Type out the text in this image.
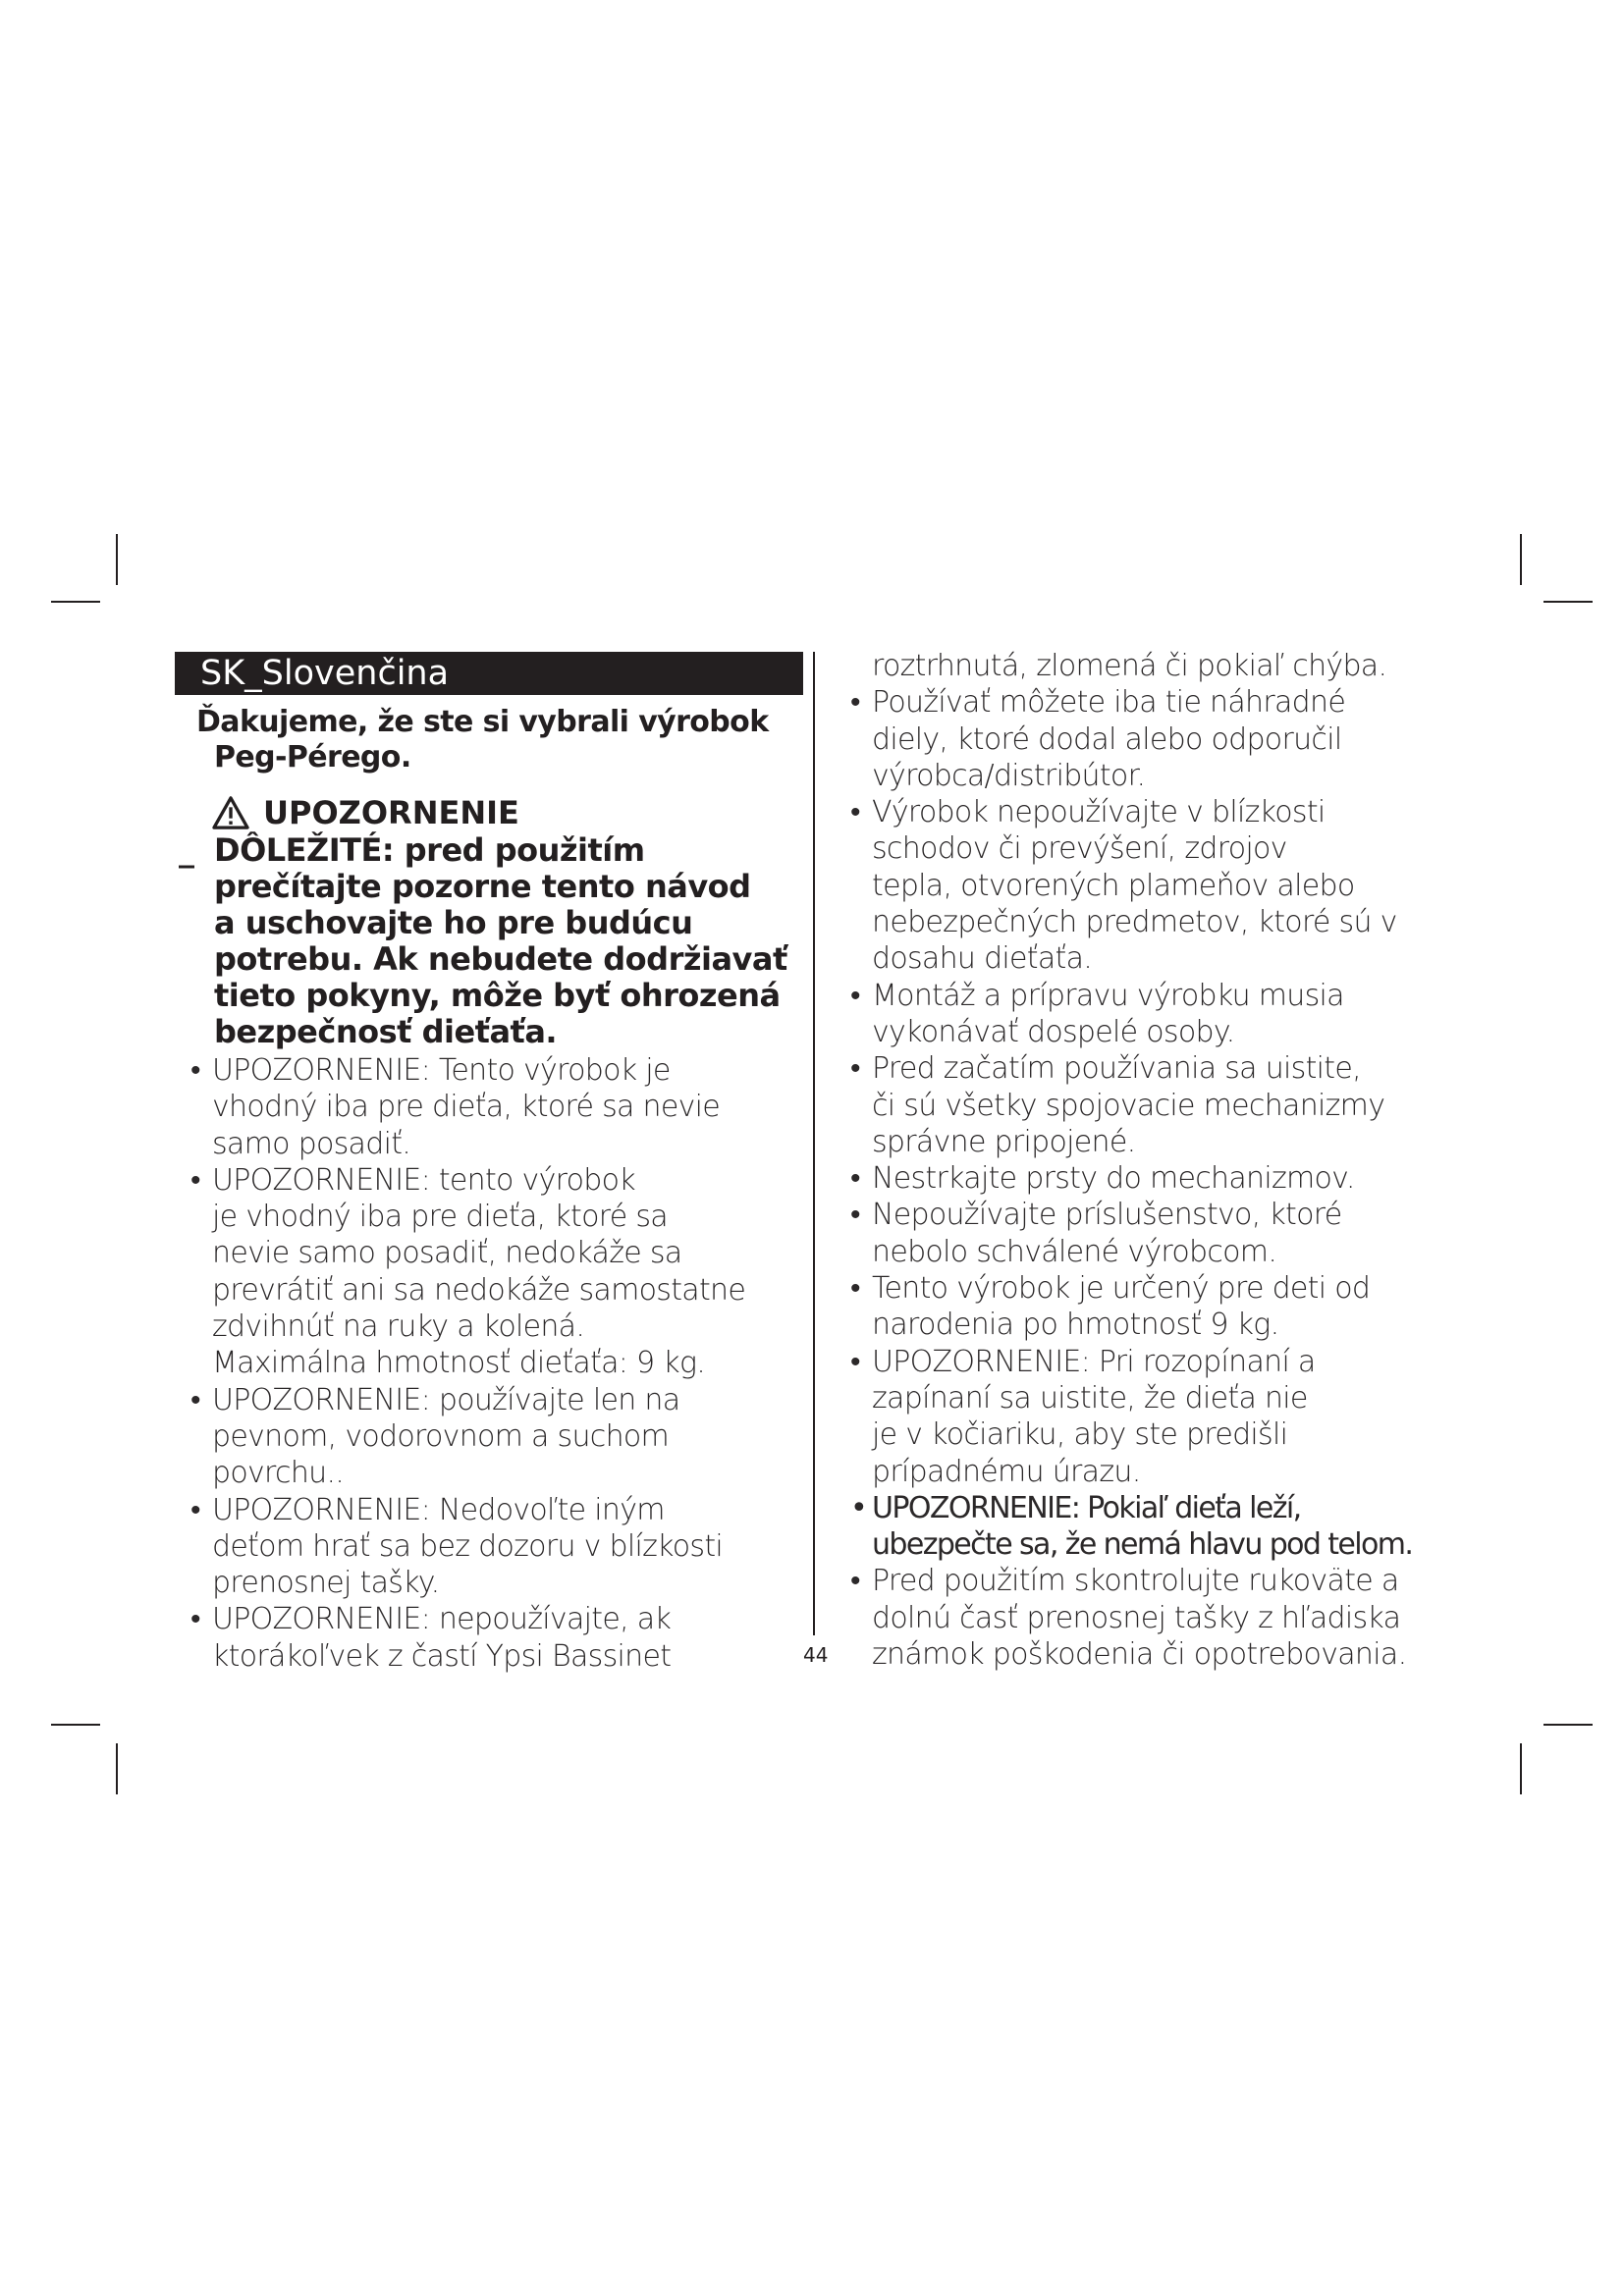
SK_Slovenčina
Ďakujeme, že ste si vybrali výrobok
Peg-Pérego.
UPOZORNENIE
_ DÔLEŽITÉ: pred použitím
prečítajte pozorne tento návod
a uschovajte ho pre budúcu
potrebu. Ak nebudete dodržiavať
tieto pokyny, môže byť ohrozená
bezpečnosť dieťaťa.
• UPOZORNENIE: Tento výrobok je
vhodný iba pre dieťa, ktoré sa nevie
samo posadiť.
• UPOZORNENIE: tento výrobok
je vhodný iba pre dieťa, ktoré sa
nevie samo posadiť, nedokáže sa
prevrátiť ani sa nedokáže samostatne
zdvihnúť na ruky a kolená.
Maximálna hmotnosť dieťaťa: 9 kg.
• UPOZORNENIE: používajte len na
pevnom, vodorovnom a suchom
povrchu..
• UPOZORNENIE: Nedovoľte iným
deťom hrať sa bez dozoru v blízkosti
prenosnej tašky.
• UPOZORNENIE: nepoužívajte, ak
ktorákoľvek z častí Ypsi Bassinet	44
roztrhnutá, zlomená či pokiaľ chýba.
• Používať môžete iba tie náhradné
diely, ktoré dodal alebo odporučil
výrobca/distribútor.
• Výrobok nepoužívajte v blízkosti
schodov či prevýšení, zdrojov
tepla, otvorených plameňov alebo
nebezpečných predmetov, ktoré sú v
dosahu dieťaťa.
• Montáž a prípravu výrobku musia
vykonávať dospelé osoby.
• Pred začatím používania sa uistite,
či sú všetky spojovacie mechanizmy
správne pripojené.
• Nestrkajte prsty do mechanizmov.
• Nepoužívajte príslušenstvo, ktoré
nebolo schválené výrobcom.
• Tento výrobok je určený pre deti od
narodenia po hmotnosť 9 kg.
• UPOZORNENIE: Pri rozopínaní a
zapínaní sa uistite, že dieťa nie
je v kočiariku, aby ste predišli
prípadnému úrazu.
• UPOZORNENIE: Pokiaľ dieťa leží,
ubezpečte sa, že nemá hlavu pod telom.
• Pred použitím skontrolujte rukoväte a
dolnú časť prenosnej tašky z hľadiska
známok poškodenia či opotrebovania.
